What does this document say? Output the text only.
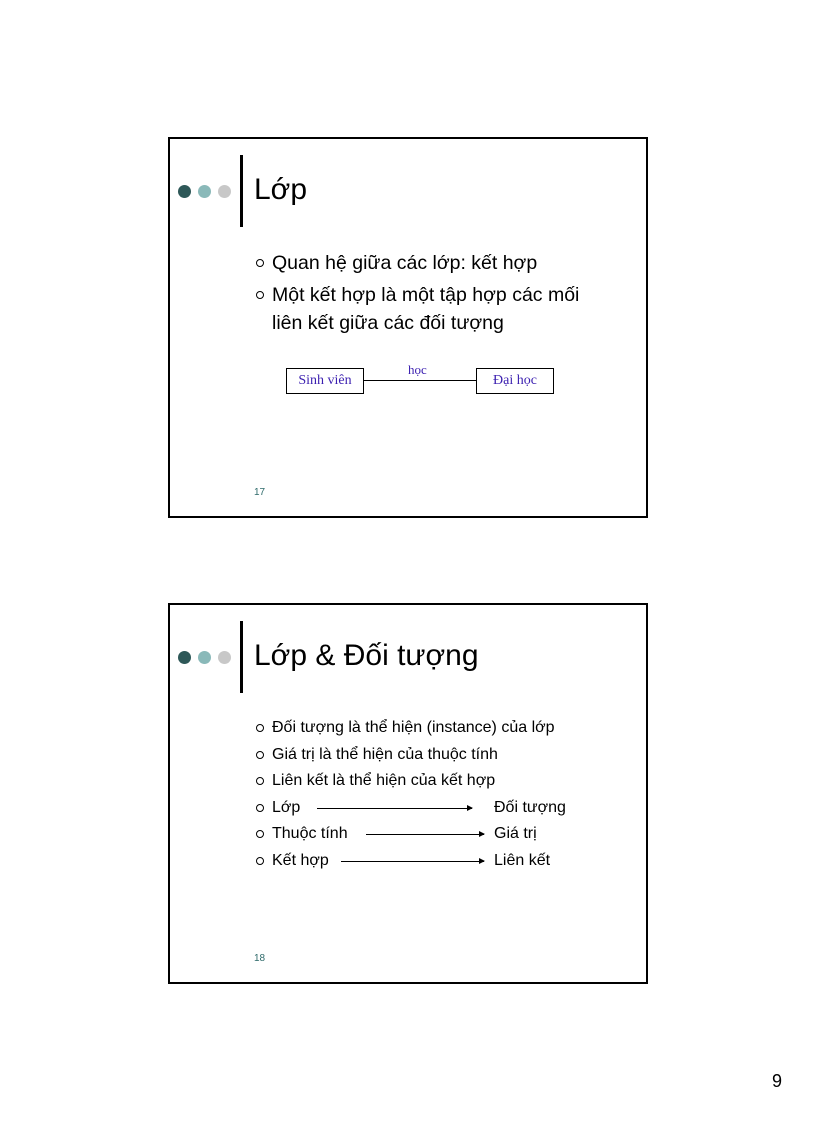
Lớp
Quan hệ giữa các lớp: kết hợp
Một kết hợp là một tập hợp các mối liên kết giữa các đối tượng
Sinh viên
học
Đại học
17
Lớp & Đối tượng
Đối tượng là thể hiện (instance) của lớp
Giá trị là thể hiện của thuộc tính
Liên kết là thể hiện của kết hợp
Lớp	Đối tượng
Thuộc tính	Giá trị
Kết hợp	Liên kết
18
9
